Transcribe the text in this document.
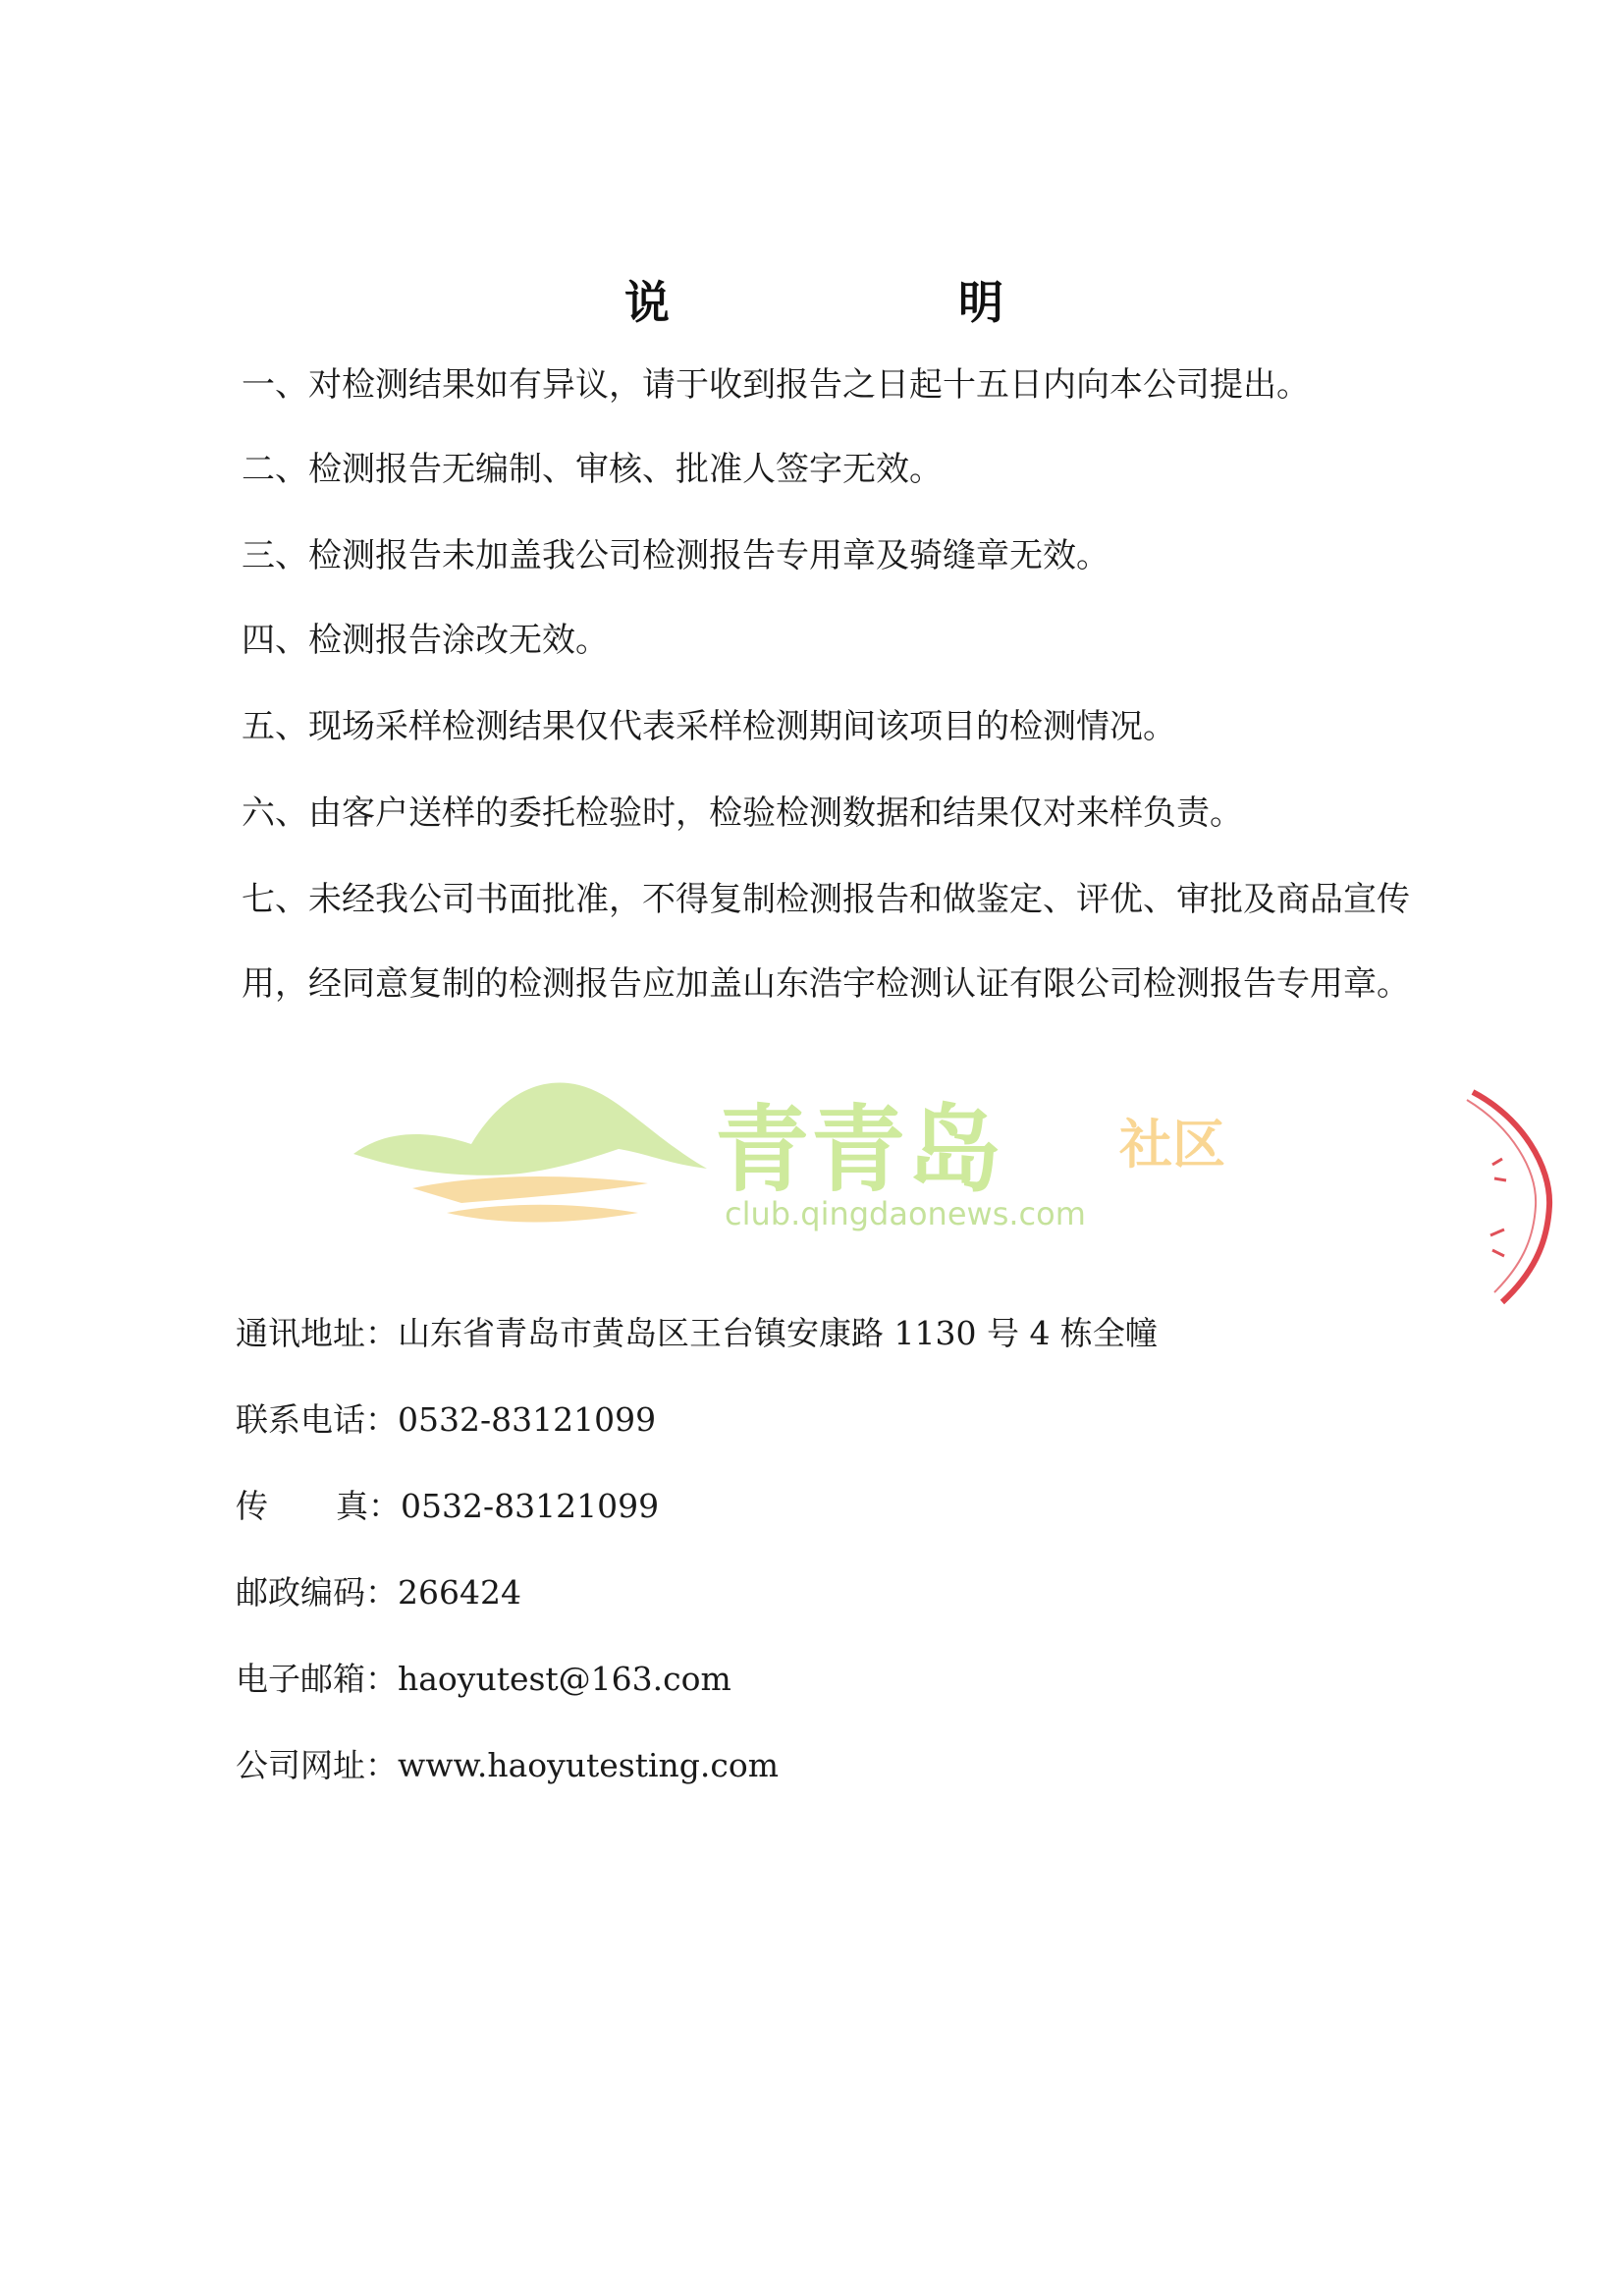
说	明
一、对检测结果如有异议，请于收到报告之日起十五日内向本公司提出。
二、检测报告无编制、审核、批准人签字无效。
三、检测报告未加盖我公司检测报告专用章及骑缝章无效。
四、检测报告涂改无效。
五、现场采样检测结果仅代表采样检测期间该项目的检测情况。
六、由客户送样的委托检验时，检验检测数据和结果仅对来样负责。
七、未经我公司书面批准，不得复制检测报告和做鉴定、评优、审批及商品宣传
用，经同意复制的检测报告应加盖山东浩宇检测认证有限公司检测报告专用章。
青青岛 社区
club.qingdaonews.com
通讯地址：山东省青岛市黄岛区王台镇安康路 1130 号 4 栋全幢
联系电话：0532-83121099
传 真： 0532-83121099
邮政编码：266424
电子邮箱：haoyutest@163.com
公司网址：www.haoyutesting.com
